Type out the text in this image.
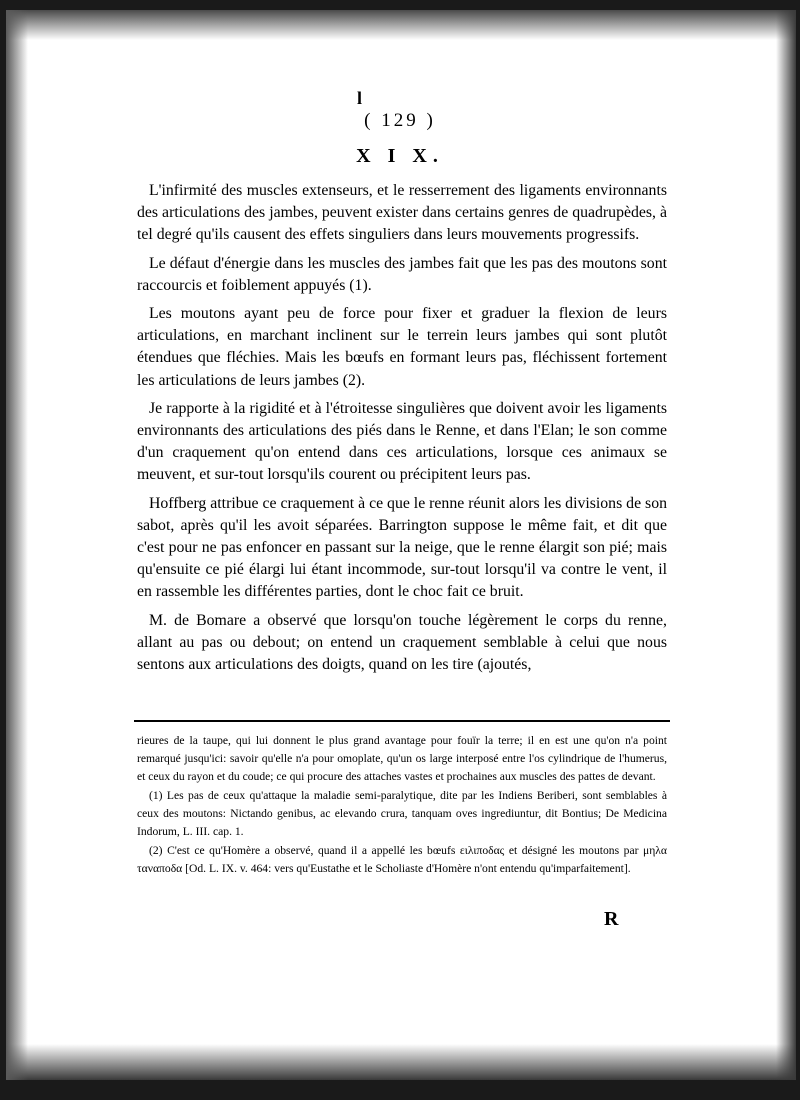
l
( 129 )
X I X.

L'infirmité des muscles extenseurs, et le resserrement des ligaments environnants des articulations des jambes, peuvent exister dans certains genres de quadrupèdes, à tel degré qu'ils causent des effets singuliers dans leurs mouvements progressifs.

Le défaut d'énergie dans les muscles des jambes fait que les pas des moutons sont raccourcis et foiblement appuyés (1).

Les moutons ayant peu de force pour fixer et graduer la flexion de leurs articulations, en marchant inclinent sur le terrein leurs jambes qui sont plutôt étendues que fléchies. Mais les bœufs en formant leurs pas, fléchissent fortement les articulations de leurs jambes (2).

Je rapporte à la rigidité et à l'étroitesse singulières que doivent avoir les ligaments environnants des articulations des piés dans le Renne, et dans l'Elan; le son comme d'un craquement qu'on entend dans ces articulations, lorsque ces animaux se meuvent, et sur-tout lorsqu'ils courent ou précipitent leurs pas.

Hoffberg attribue ce craquement à ce que le renne réunit alors les divisions de son sabot, après qu'il les avoit séparées. Barrington suppose le même fait, et dit que c'est pour ne pas enfoncer en passant sur la neige, que le renne élargit son pié; mais qu'ensuite ce pié élargi lui étant incommode, sur-tout lorsqu'il va contre le vent, il en rassemble les différentes parties, dont le choc fait ce bruit.

M. de Bomare a observé que lorsqu'on touche légèrement le corps du renne, allant au pas ou debout; on entend un craquement semblable à celui que nous sentons aux articulations des doigts, quand on les tire (ajoutés,

rieures de la taupe, qui lui donnent le plus grand avantage pour fouïr la terre; il en est une qu'on n'a point remarqué jusqu'ici: savoir qu'elle n'a pour omoplate, qu'un os large interposé entre l'os cylindrique de l'humerus, et ceux du rayon et du coude; ce qui procure des attaches vastes et prochaines aux muscles des pattes de devant.

(1) Les pas de ceux qu'attaque la maladie semi-paralytique, dite par les Indiens Beriberi, sont semblables à ceux des moutons: Nictando genibus, ac elevando crura, tanquam oves ingrediuntur, dit Bontius; De Medicina Indorum, L. III. cap. 1.

(2) C'est ce qu'Homère a observé, quand il a appellé les bœufs ειλιποδας et désigné les moutons par μηλα ταναποδα [Od. L. IX. v. 464: vers qu'Eustathe et le Scholiaste d'Homère n'ont entendu qu'imparfaitement].

R
